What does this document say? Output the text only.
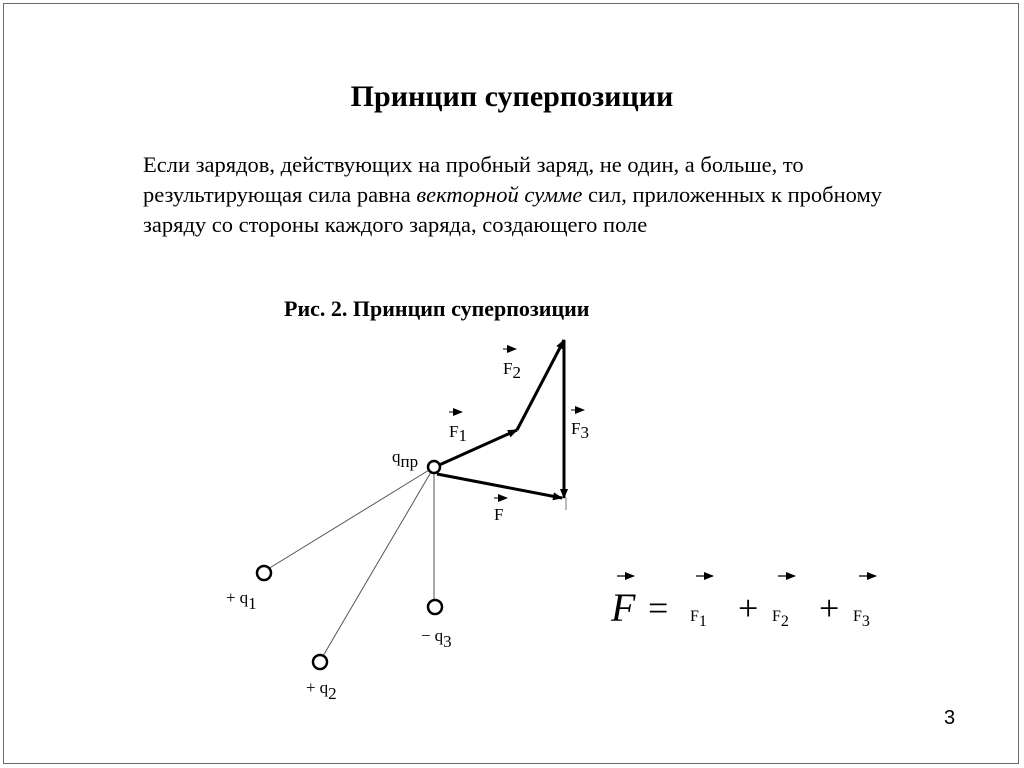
Принцип суперпозиции
Если зарядов, действующих на пробный заряд, не один, а больше, то результирующая сила равна векторной сумме сил, приложенных к пробному заряду со стороны каждого заряда, создающего поле
Рис. 2. Принцип суперпозиции
qпр
+ q1
+ q2
− q3
F1
F2
F3
F
F = F1 + F2 + F3
3
